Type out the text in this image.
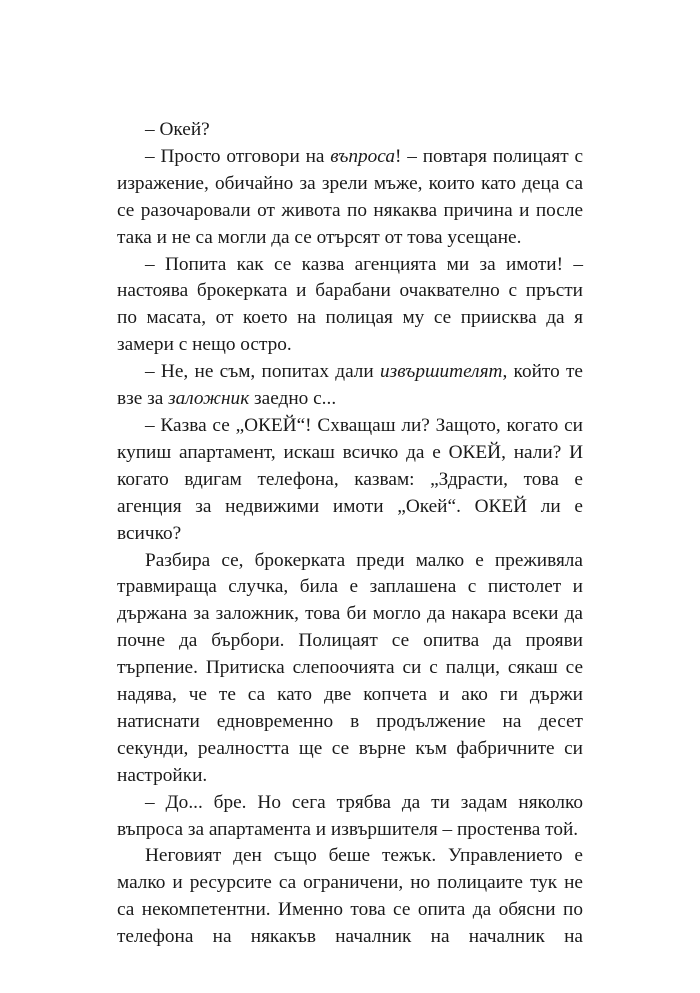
– Окей?

– Просто отговори на въпроса! – повтаря полицаят с изражение, обичайно за зрели мъже, които като деца са се разочаровали от живота по някаква причина и после така и не са могли да се отърсят от това усещане.

– Попита как се казва агенцията ми за имоти! – настоява брокерката и барабани очаквателно с пръсти по масата, от което на полицая му се приисква да я замери с нещо остро.

– Не, не съм, попитах дали извършителят, който те взе за заложник заедно с...

– Казва се „ОКЕЙ“! Схващаш ли? Защото, когато си купиш апартамент, искаш всичко да е ОКЕЙ, нали? И когато вдигам телефона, казвам: „Здрасти, това е агенция за недвижими имоти „Окей“. ОКЕЙ ли е всичко?

Разбира се, брокерката преди малко е преживяла травмираща случка, била е заплашена с пистолет и държана за заложник, това би могло да накара всеки да почне да бърбори. Полицаят се опитва да прояви търпение. Притиска слепоочията си с палци, сякаш се надява, че те са като две копчета и ако ги държи натиснати едновременно в продължение на десет секунди, реалността ще се върне към фабричните си настройки.

– До... бре. Но сега трябва да ти задам няколко въпроса за апартамента и извършителя – простенва той.

Неговият ден също беше тежък. Управлението е малко и ресурсите са ограничени, но полицаите тук не са некомпетентни. Именно това се опита да обясни по телефона на някакъв началник на началник на
